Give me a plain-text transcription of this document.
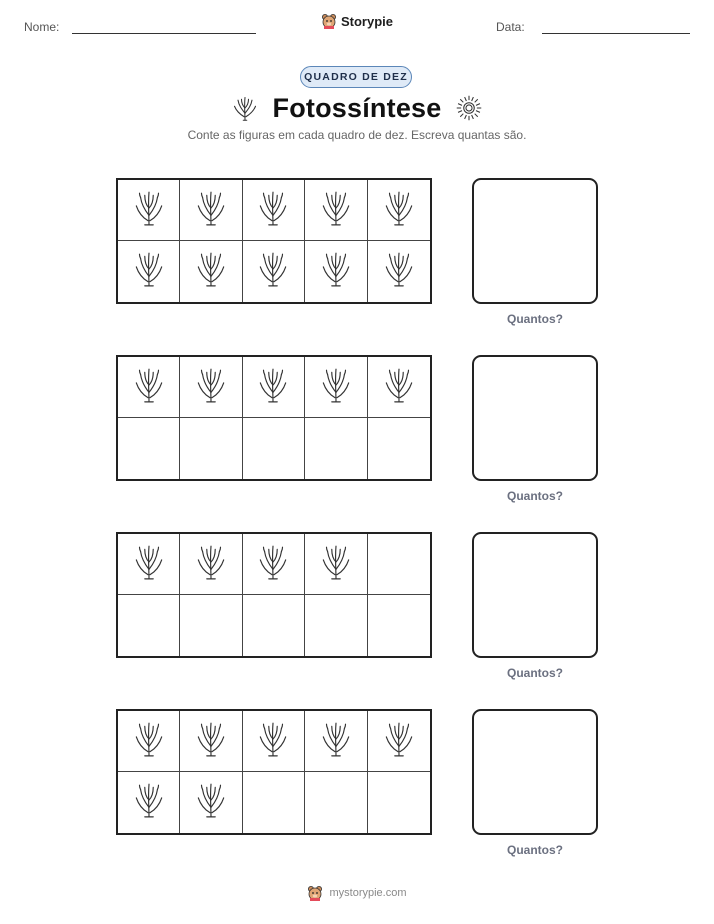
Nome:	Storypie	Data:
QUADRO DE DEZ
Fotossíntese
Conte as figuras em cada quadro de dez. Escreva quantas são.
Quantos?
Quantos?
Quantos?
Quantos?
mystorypie.com
